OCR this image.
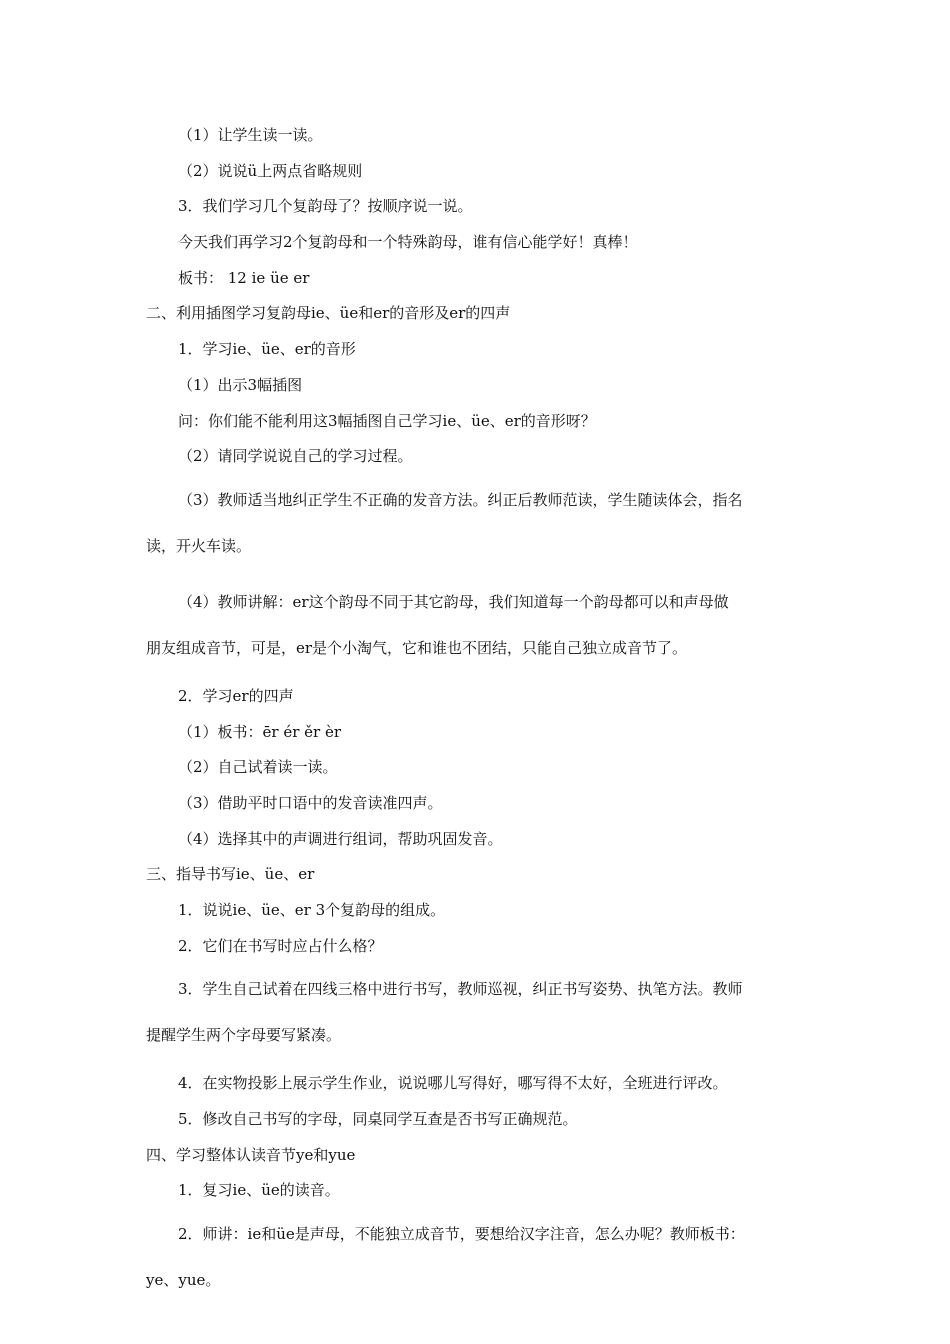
（1）让学生读一读。
（2）说说ü上两点省略规则
3．我们学习几个复韵母了？按顺序说一说。
今天我们再学习2个复韵母和一个特殊韵母，谁有信心能学好！真棒！
板书： 12 ie üe er
二、利用插图学习复韵母ie、üe和er的音形及er的四声
1．学习ie、üe、er的音形
（1）出示3幅插图
问：你们能不能利用这3幅插图自己学习ie、üe、er的音形呀？
（2）请同学说说自己的学习过程。
（3）教师适当地纠正学生不正确的发音方法。纠正后教师范读，学生随读体会，指名
读，开火车读。
（4）教师讲解：er这个韵母不同于其它韵母，我们知道每一个韵母都可以和声母做
朋友组成音节，可是，er是个小淘气，它和谁也不团结，只能自己独立成音节了。
2．学习er的四声
（1）板书：ēr ér ěr èr
（2）自己试着读一读。
（3）借助平时口语中的发音读准四声。
（4）选择其中的声调进行组词，帮助巩固发音。
三、指导书写ie、üe、er
1．说说ie、üe、er 3个复韵母的组成。
2．它们在书写时应占什么格？
3．学生自己试着在四线三格中进行书写，教师巡视，纠正书写姿势、执笔方法。教师
提醒学生两个字母要写紧凑。
4．在实物投影上展示学生作业，说说哪儿写得好，哪写得不太好，全班进行评改。
5．修改自己书写的字母，同桌同学互查是否书写正确规范。
四、学习整体认读音节ye和yue
1．复习ie、üe的读音。
2．师讲：ie和üe是声母，不能独立成音节，要想给汉字注音，怎么办呢？教师板书：
ye、yue。
